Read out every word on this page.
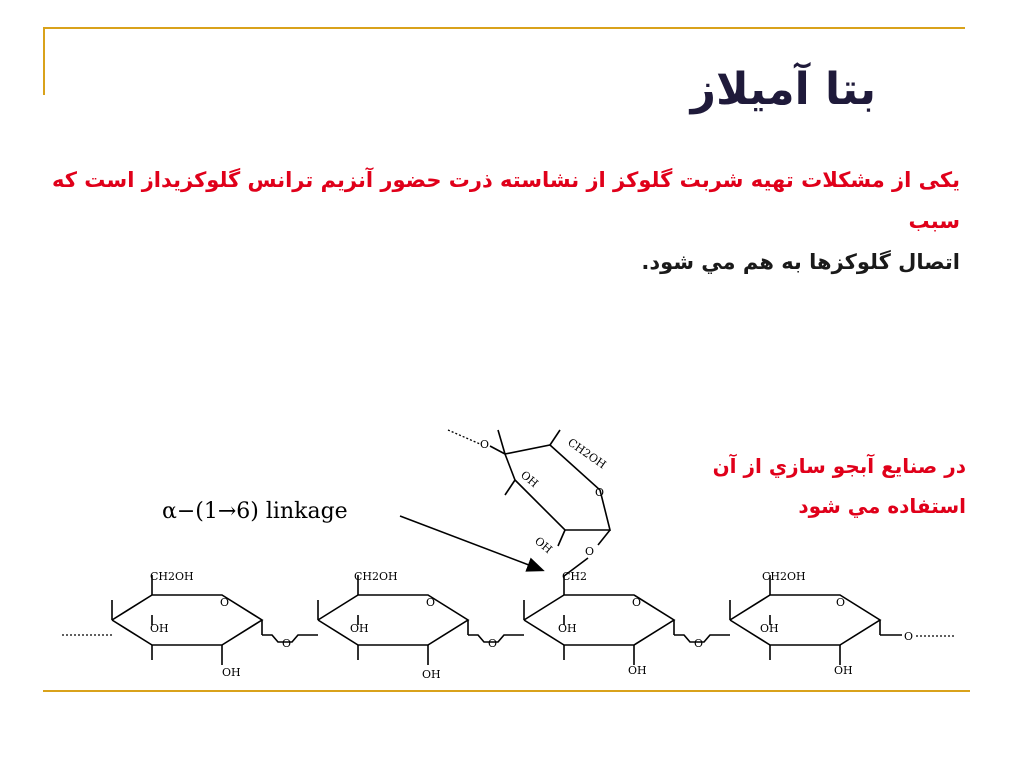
بتا آمیلاز
یکی از مشکلات تهیه شربت گلوکز از نشاسته ذرت حضور آنزیم ترانس گلوکزیداز است که سبب
اتصال گلوکزها به هم مي شود.
در صنایع آبجو سازي از آن
استفاده مي شود
CH2OH
O
OH
OH
O
CH2OH
O
OH
OH
O
CH2
O
OH
OH
O
CH2OH
O
OH
OH
O
O	CH2OH
O
OH
OH	O
α−(1→6) linkage
